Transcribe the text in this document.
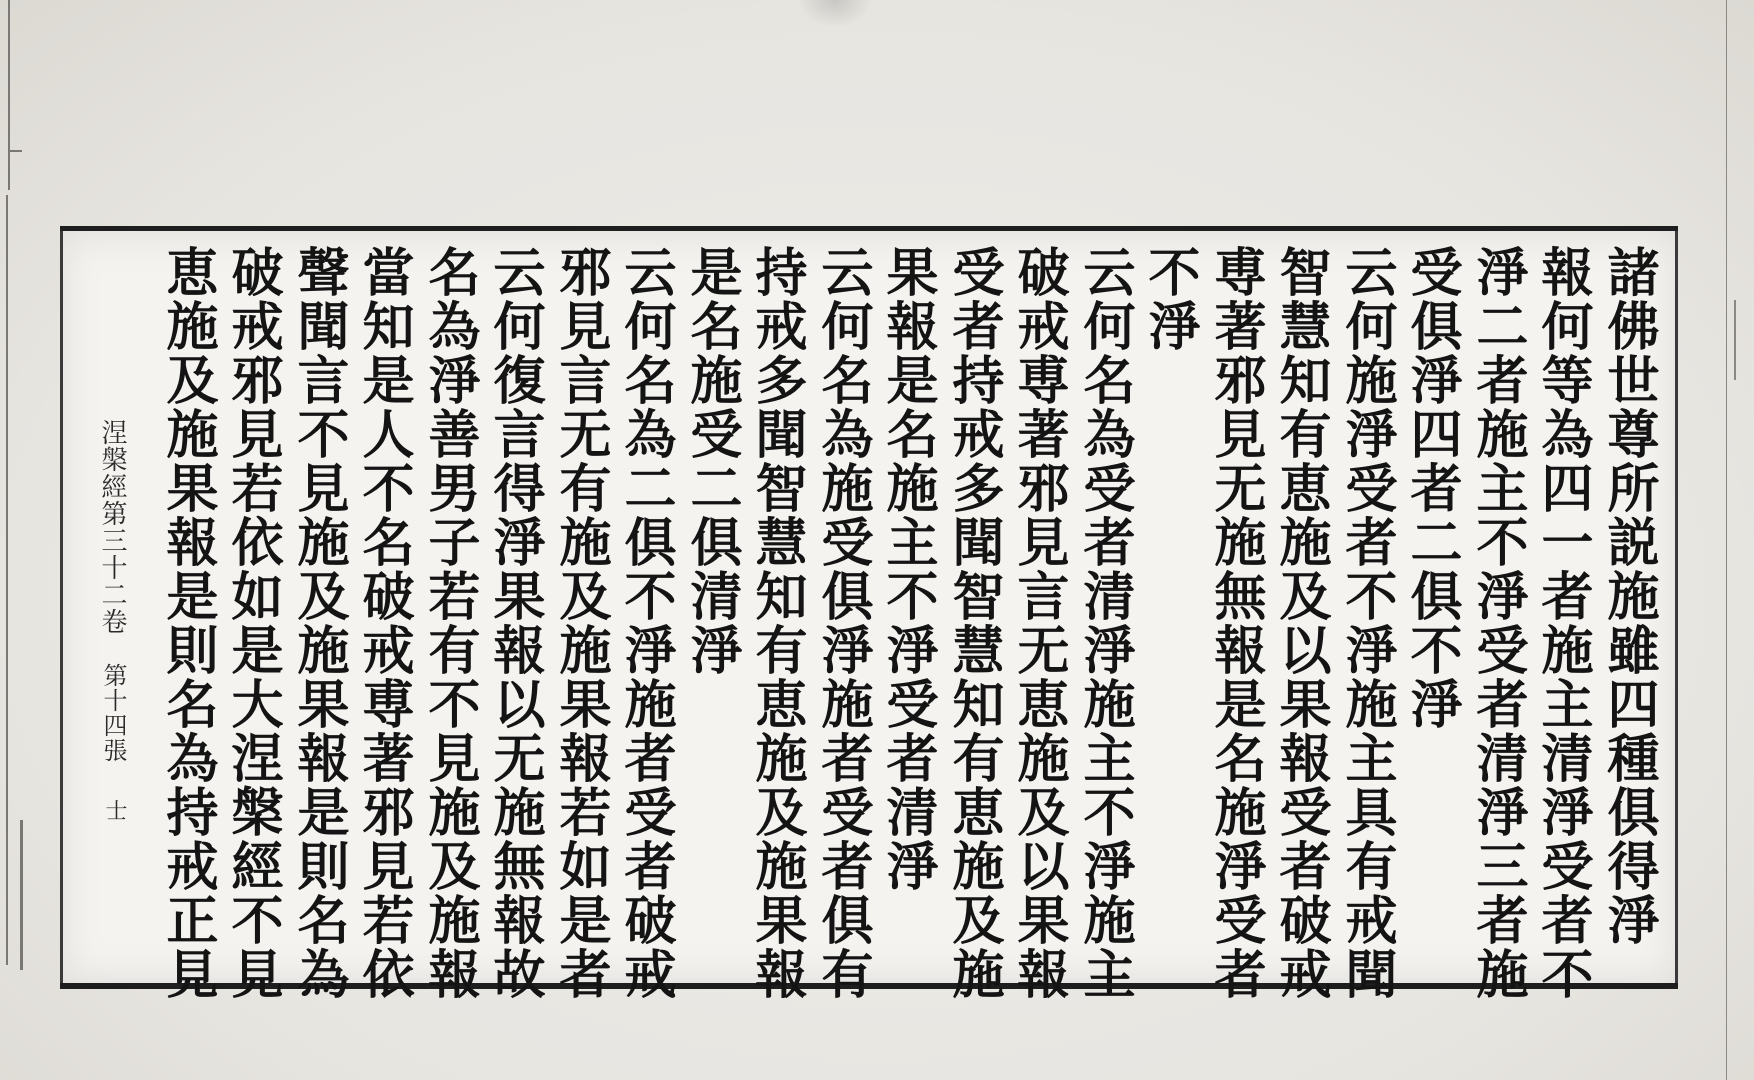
諸佛世尊所説施雖四種俱得淨
報何等為四一者施主清淨受者不
淨二者施主不淨受者清淨三者施
受俱淨四者二俱不淨
云何施淨受者不淨施主具有戒聞
智慧知有恵施及以果報受者破戒
尃著邪見无施無報是名施淨受者
不淨
云何名為受者清淨施主不淨施主
破戒尃著邪見言无恵施及以果報
受者持戒多聞智慧知有恵施及施
果報是名施主不淨受者清淨
云何名為施受俱淨施者受者俱有
持戒多聞智慧知有恵施及施果報
是名施受二俱清淨
云何名為二俱不淨施者受者破戒
邪見言无有施及施果報若如是者
云何復言得淨果報以无施無報故
名為淨善男子若有不見施及施報
當知是人不名破戒尃著邪見若依
聲聞言不見施及施果報是則名為
破戒邪見若依如是大涅槃經不見
恵施及施果報是則名為持戒正見
涅槃經第三十二卷
第十四張
士
